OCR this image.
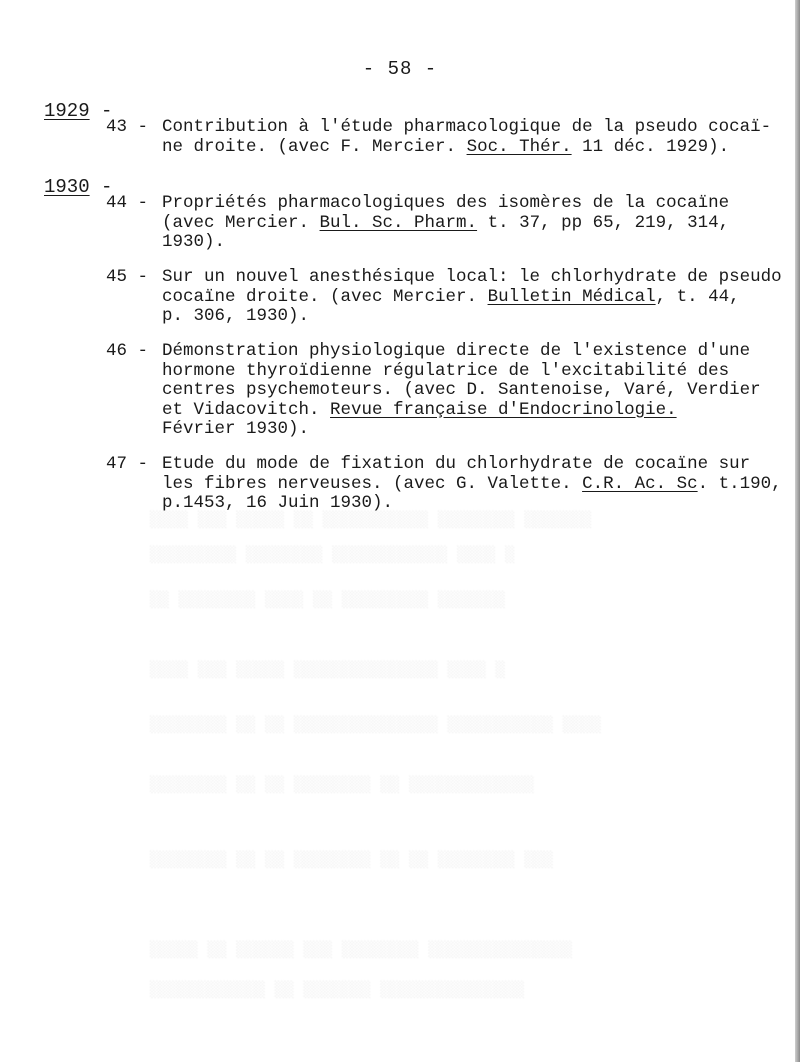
- 58 -
1929 -
43 - Contribution à l'étude pharmacologique de la pseudo cocaï-
ne droite. (avec F. Mercier. Soc. Thér. 11 déc. 1929).
1930 -
44 - Propriétés pharmacologiques des isomères de la cocaïne
(avec Mercier. Bul. Sc. Pharm. t. 37, pp 65, 219, 314,
1930).
45 - Sur un nouvel anesthésique local: le chlorhydrate de pseudo
cocaïne droite. (avec Mercier. Bulletin Médical, t. 44,
p. 306, 1930).
46 - Démonstration physiologique directe de l'existence d'une
hormone thyroïdienne régulatrice de l'excitabilité des
centres psychemoteurs. (avec D. Santenoise, Varé, Verdier
et Vidacovitch. Revue française d'Endocrinologie.
Février 1930).
47 - Etude du mode de fixation du chlorhydrate de cocaïne sur
les fibres nerveuses. (avec G. Valette. C.R. Ac. Sc. t.190,
p.1453, 16 Juin 1930).
░░░░ ░░░ ░░░░░ ░░ ░░░░░░░░░░░ ░░░░░░░░ ░░░░░░░
░░░░░░░░░ ░░░░░░░░ ░░░░░░░░░░░░ ░░░░ ░
░░ ░░░░░░░░ ░░░░ ░░ ░░░░░░░░░ ░░░░░░░
░░░░ ░░░ ░░░░░ ░░░░░░░░░░░░░░░ ░░░░ ░
░░░░░░░░ ░░ ░░ ░░░░░░░░░░░░░░░ ░░░░░░░░░░░ ░░░░
░░░░░░░░ ░░ ░░ ░░░░░░░░ ░░ ░░░░░░░░░░░░░
░░░░░░░░ ░░ ░░ ░░░░░░░░ ░░ ░░ ░░░░░░░░ ░░░
░░░░░ ░░ ░░░░░░ ░░░ ░░░░░░░░ ░░░░░░░░░░░░░░░
░░░░░░░░░░░░ ░░ ░░░░░░░ ░░░░░░░░░░░░░░░
